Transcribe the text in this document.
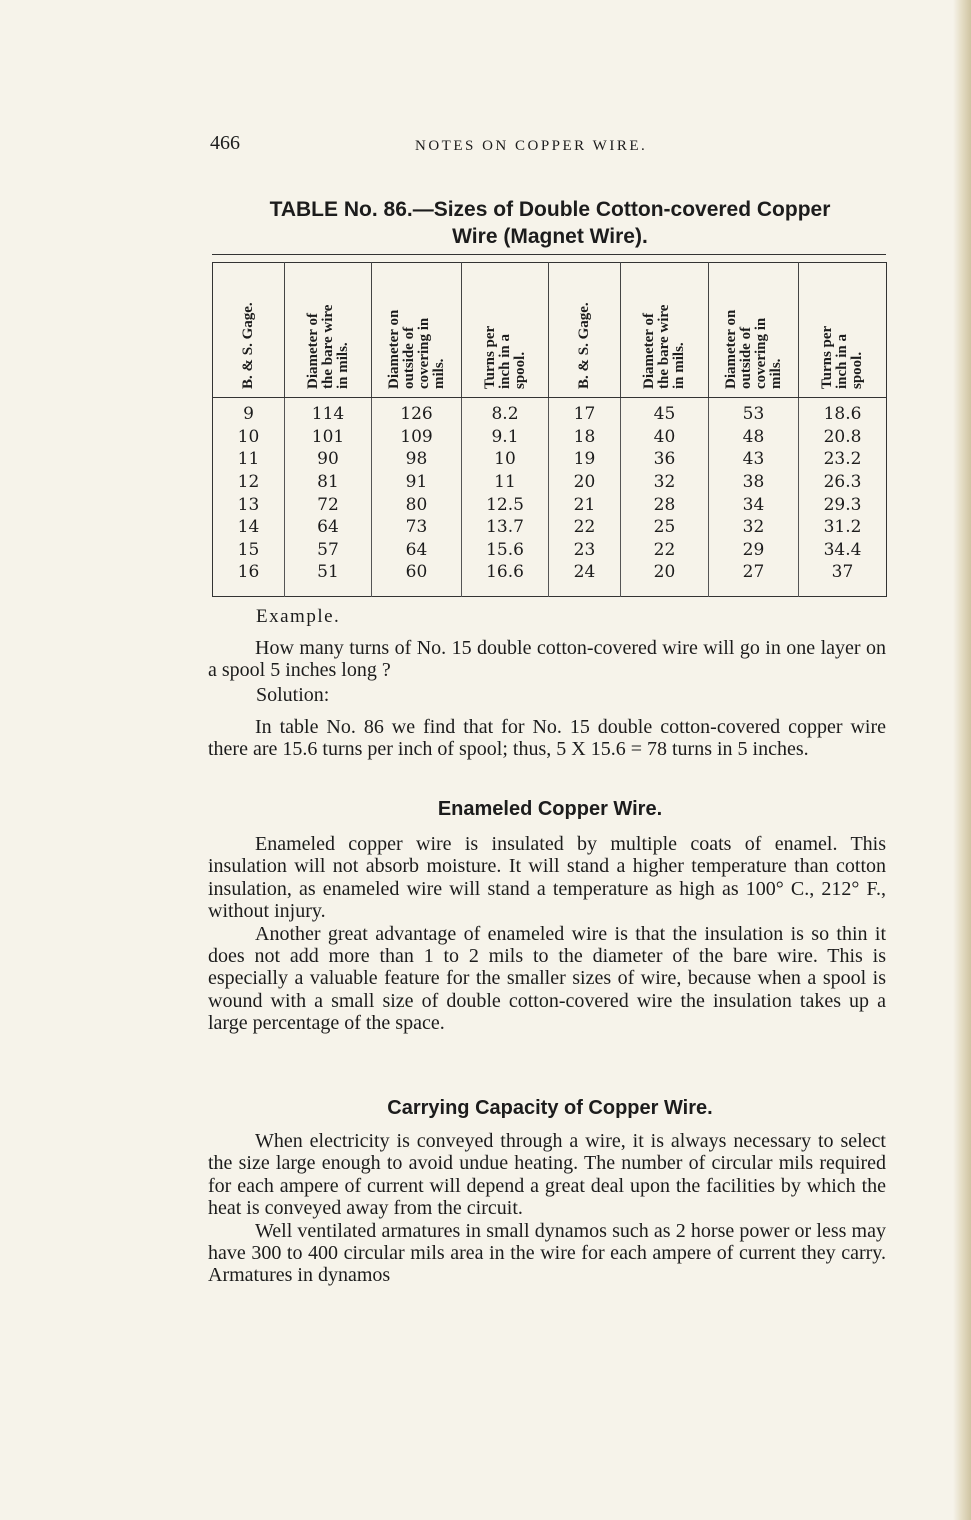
466	NOTES ON COPPER WIRE.
TABLE No. 86.—Sizes of Double Cotton-covered Copper
Wire (Magnet Wire).
B. & S. Gage.	Diameter of
the bare wire
in mils.	Diameter on
outside of
covering in
mils.	Turns per
inch in a
spool.	B. & S. Gage.	Diameter of
the bare wire
in mils.	Diameter on
outside of
covering in
mils.	Turns per
inch in a
spool.

9	114	126	8.2	17	45	53	18.6
10	101	109	9.1	18	40	48	20.8
11	90	98	10	19	36	43	23.2
12	81	91	11	20	32	38	26.3
13	72	80	12.5	21	28	34	29.3
14	64	73	13.7	22	25	32	31.2
15	57	64	15.6	23	22	29	34.4
16	51	60	16.6	24	20	27	37
Example.

How many turns of No. 15 double cotton-covered wire will go in one layer on a spool 5 inches long ?

Solution:

In table No. 86 we find that for No. 15 double cotton-covered copper wire there are 15.6 turns per inch of spool; thus, 5 X 15.6 = 78 turns in 5 inches.

Enameled Copper Wire.

Enameled copper wire is insulated by multiple coats of enamel. This insulation will not absorb moisture. It will stand a higher temperature than cotton insulation, as enameled wire will stand a temperature as high as 100° C., 212° F., without injury.

Another great advantage of enameled wire is that the insulation is so thin it does not add more than 1 to 2 mils to the diameter of the bare wire. This is especially a valuable feature for the smaller sizes of wire, because when a spool is wound with a small size of double cotton-covered wire the insulation takes up a large percentage of the space.

Carrying Capacity of Copper Wire.

When electricity is conveyed through a wire, it is always necessary to select the size large enough to avoid undue heating. The number of circular mils required for each ampere of current will depend a great deal upon the facilities by which the heat is conveyed away from the circuit.

Well ventilated armatures in small dynamos such as 2 horse power or less may have 300 to 400 circular mils area in the wire for each ampere of current they carry. Armatures in dynamos
